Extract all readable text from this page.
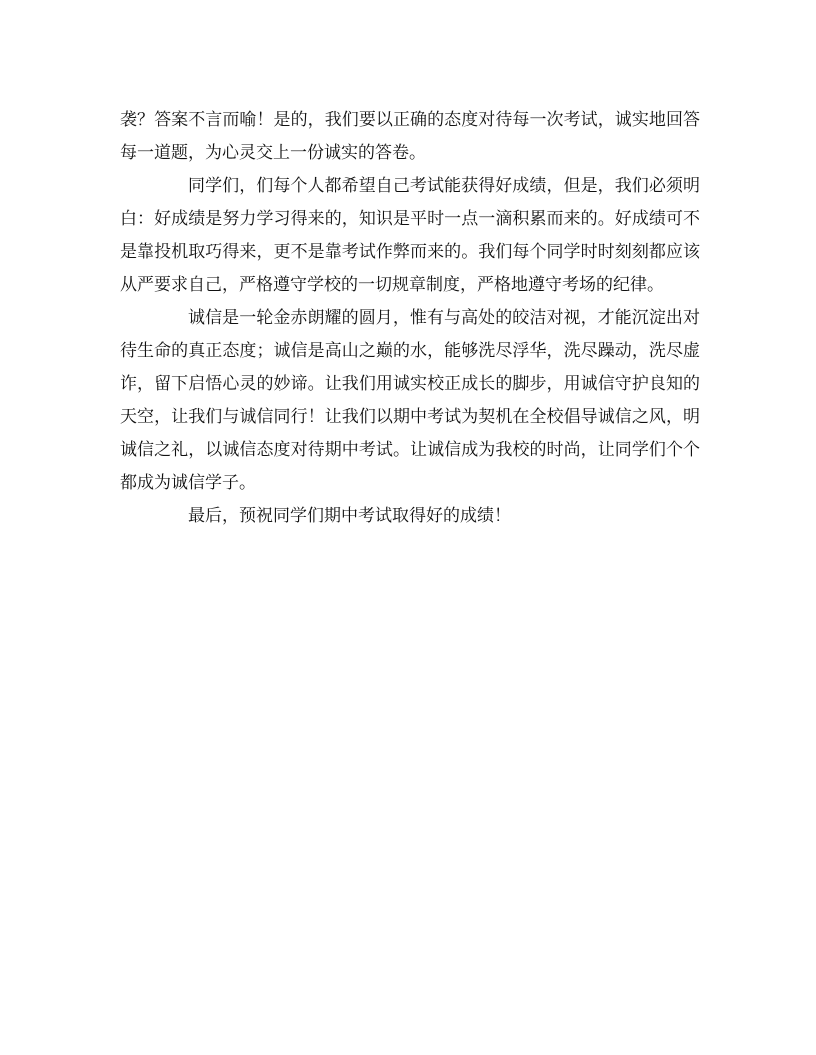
袭？答案不言而喻！是的，我们要以正确的态度对待每一次考试，诚实地回答每一道题，为心灵交上一份诚实的答卷。

同学们，们每个人都希望自己考试能获得好成绩，但是，我们必须明白：好成绩是努力学习得来的，知识是平时一点一滴积累而来的。好成绩可不是靠投机取巧得来，更不是靠考试作弊而来的。我们每个同学时时刻刻都应该从严要求自己，严格遵守学校的一切规章制度，严格地遵守考场的纪律。

诚信是一轮金赤朗耀的圆月，惟有与高处的皎洁对视，才能沉淀出对待生命的真正态度；诚信是高山之巅的水，能够洗尽浮华，洗尽躁动，洗尽虚诈，留下启悟心灵的妙谛。让我们用诚实校正成长的脚步，用诚信守护良知的天空，让我们与诚信同行！让我们以期中考试为契机在全校倡导诚信之风，明诚信之礼，以诚信态度对待期中考试。让诚信成为我校的时尚，让同学们个个都成为诚信学子。

最后，预祝同学们期中考试取得好的成绩！
